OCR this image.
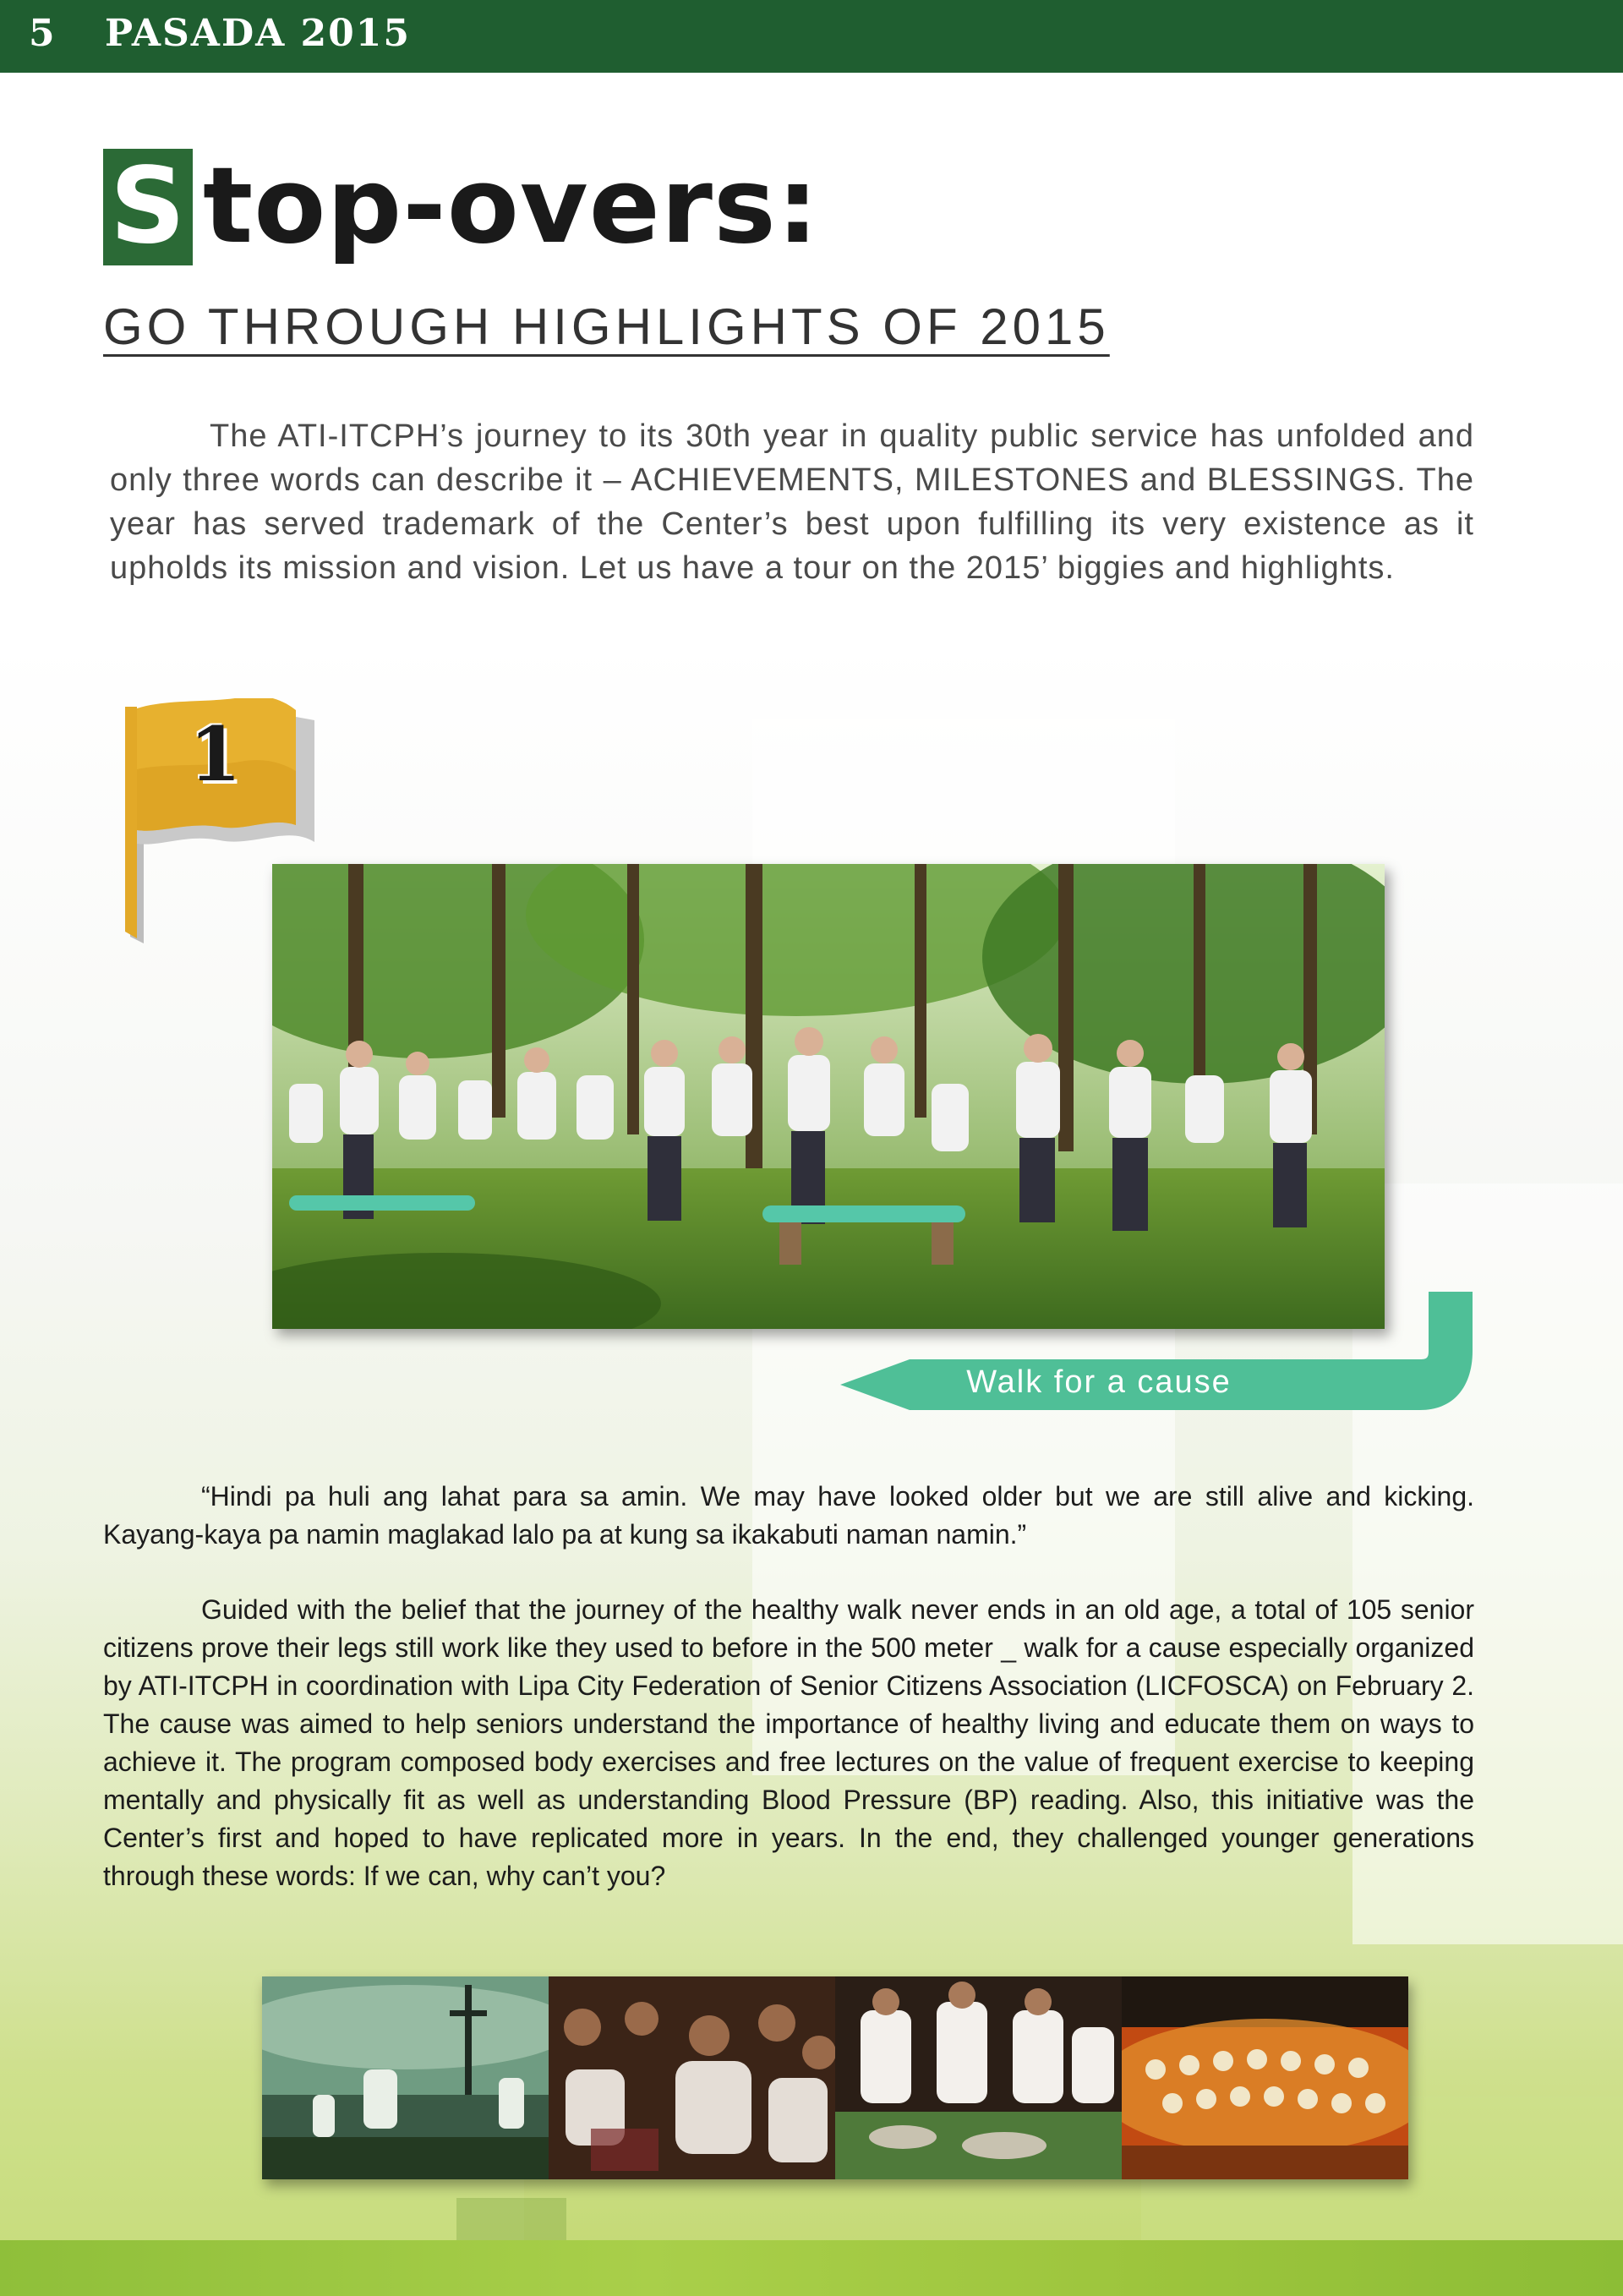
5 PASADA 2015
S top-overs:
GO THROUGH HIGHLIGHTS OF 2015

The ATI-ITCPH’s journey to its 30th year in quality public service has unfolded and only three words can describe it – ACHIEVEMENTS, MILESTONES and BLESSINGS. The year has served trademark of the Center’s best upon fulfilling its very existence as it upholds its mission and vision. Let us have a tour on the 2015’ biggies and highlights.

1
Walk for a cause

“Hindi pa huli ang lahat para sa amin. We may have looked older but we are still alive and kicking. Kayang-kaya pa namin maglakad lalo pa at kung sa ikakabuti naman namin.”

Guided with the belief that the journey of the healthy walk never ends in an old age, a total of 105 senior citizens prove their legs still work like they used to before in the 500 meter _ walk for a cause especially organized by ATI-ITCPH in coordination with Lipa City Federation of Senior Citizens Association (LICFOSCA) on February 2. The cause was aimed to help seniors understand the importance of healthy living and educate them on ways to achieve it. The program composed body exercises and free lectures on the value of frequent exercise to keeping mentally and physically fit as well as understanding Blood Pressure (BP) reading. Also, this initiative was the Center’s first and hoped to have replicated more in years. In the end, they challenged younger generations through these words: If we can, why can’t you?
